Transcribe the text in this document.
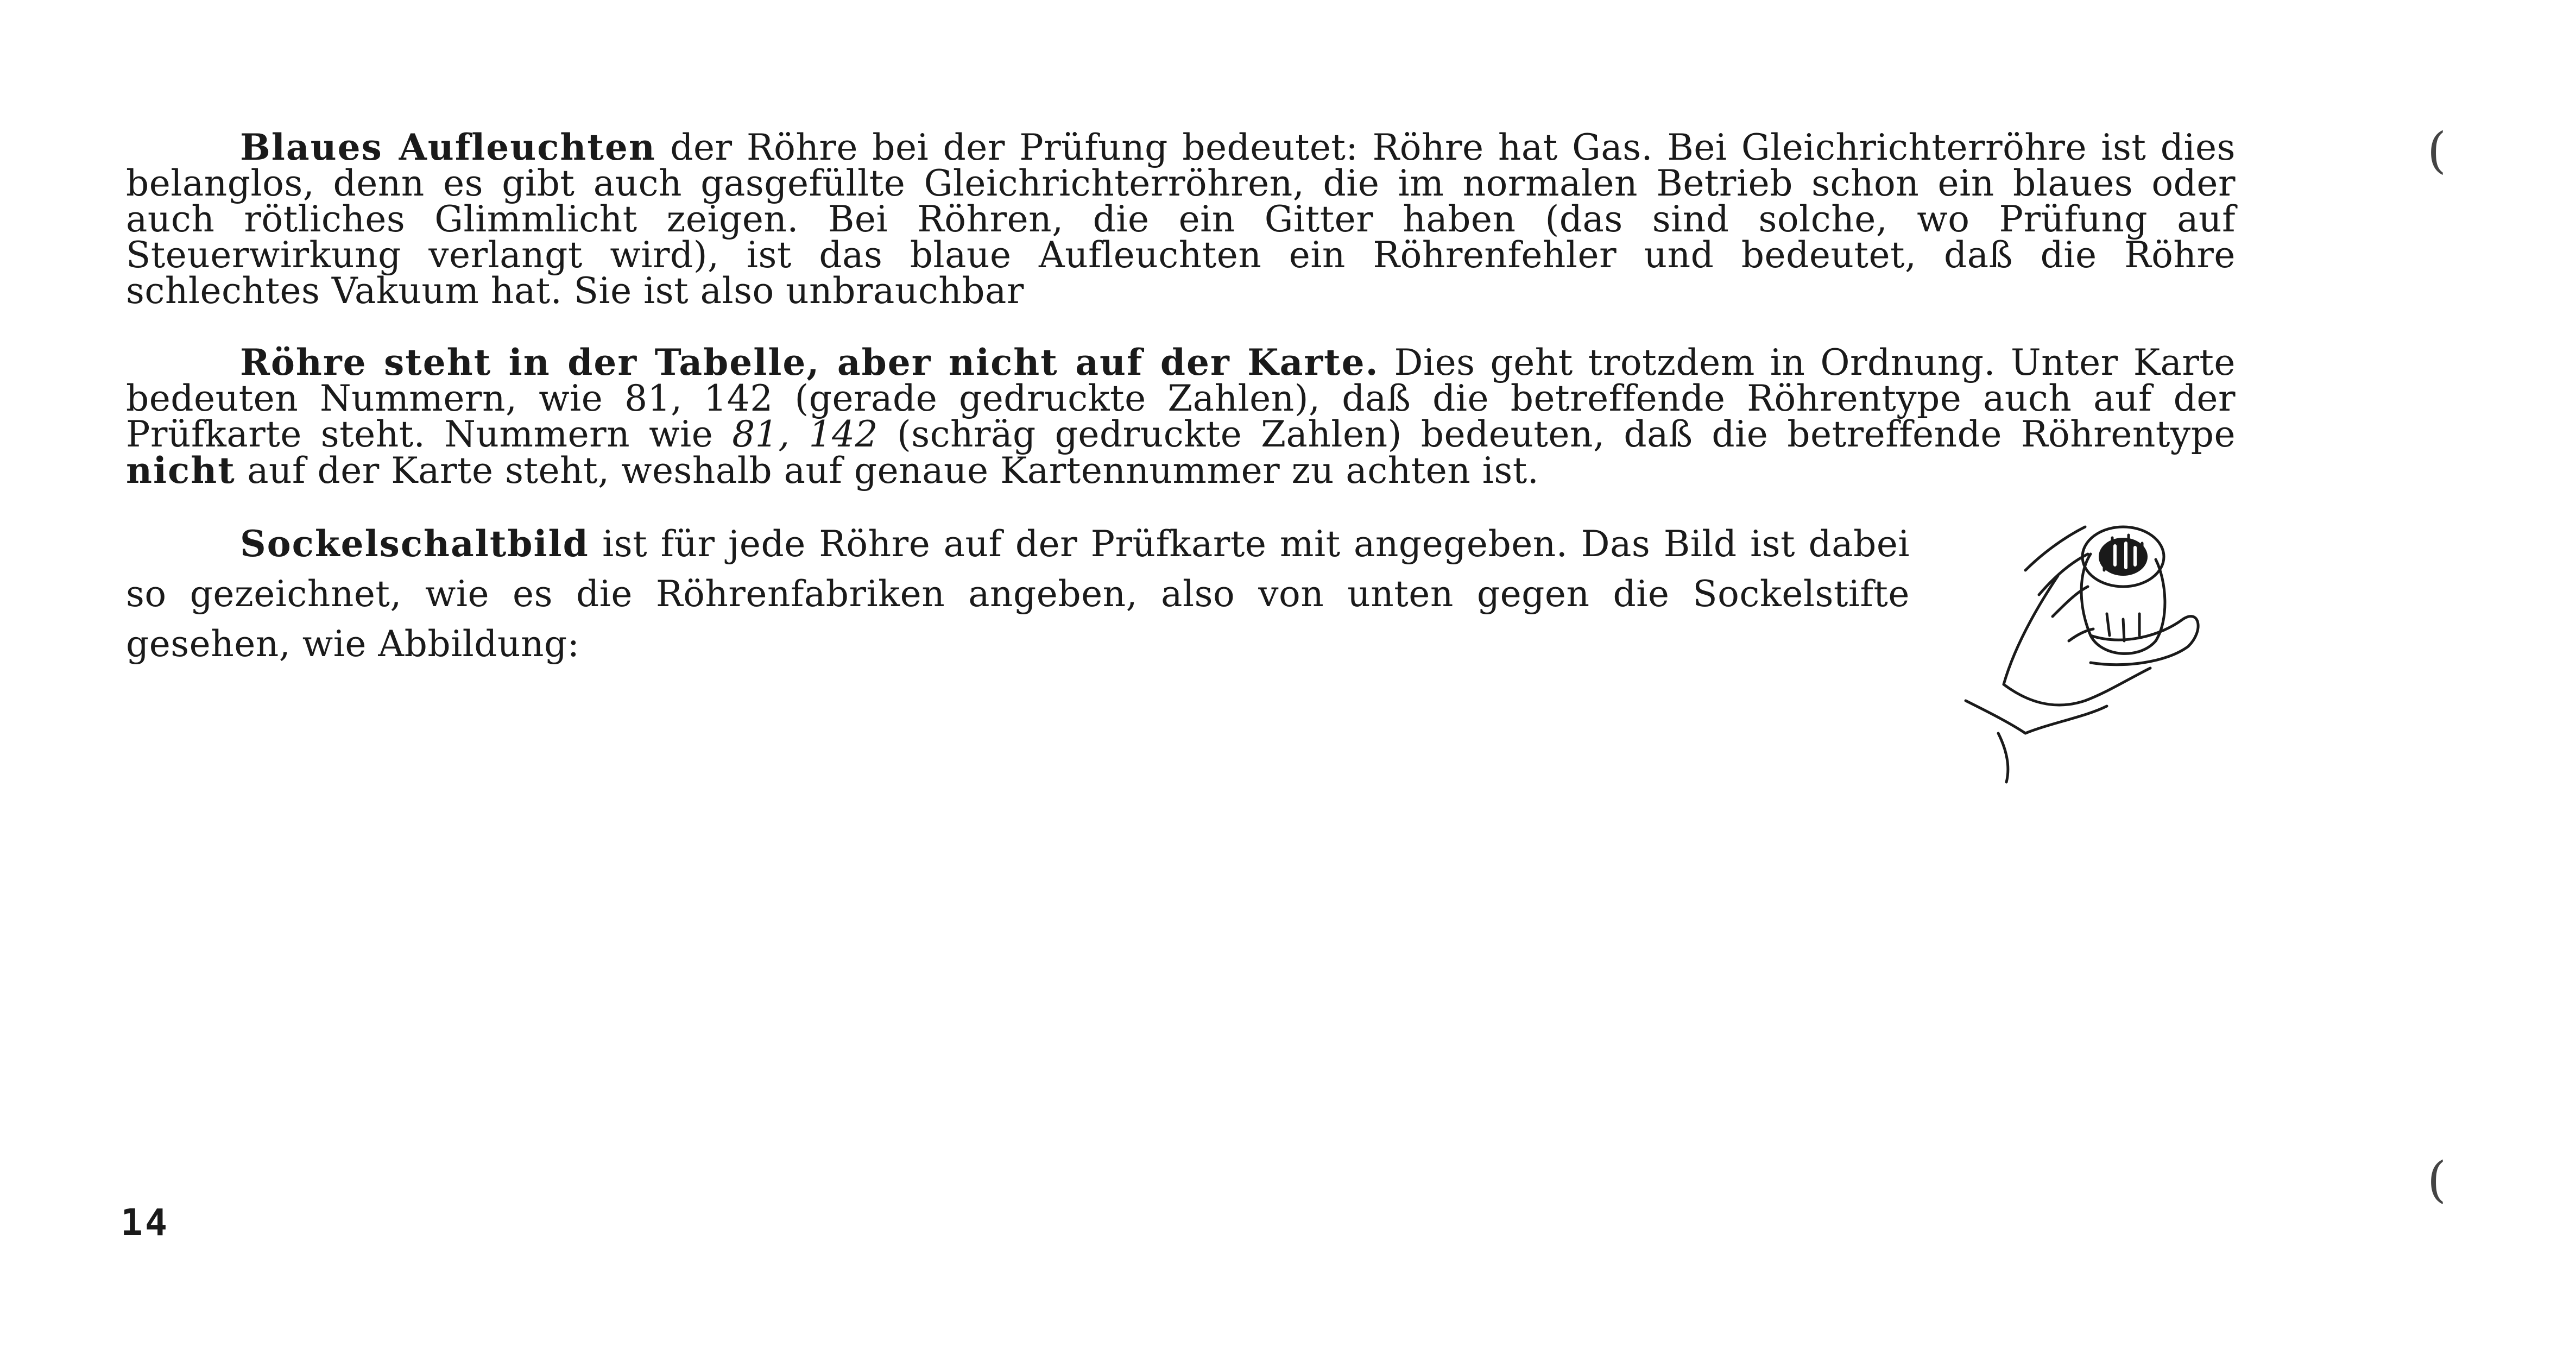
Blaues Aufleuchten der Röhre bei der Prüfung bedeutet: Röhre hat Gas. Bei Gleichrichterröhre ist dies belanglos, denn es gibt auch gasgefüllte Gleichrichterröhren, die im normalen Betrieb schon ein blaues oder auch rötliches Glimmlicht zeigen. Bei Röhren, die ein Gitter haben (das sind solche, wo Prüfung auf Steuerwirkung verlangt wird), ist das blaue Aufleuchten ein Röhrenfehler und bedeutet, daß die Röhre schlechtes Vakuum hat. Sie ist also unbrauchbar

Röhre steht in der Tabelle, aber nicht auf der Karte. Dies geht trotzdem in Ordnung. Unter Karte bedeuten Nummern, wie 81, 142 (gerade gedruckte Zahlen), daß die betreffende Röhrentype auch auf der Prüfkarte steht. Nummern wie 81, 142 (schräg gedruckte Zahlen) bedeuten, daß die betreffende Röhrentype nicht auf der Karte steht, weshalb auf genaue Kartennummer zu achten ist.

Sockelschaltbild ist für jede Röhre auf der Prüfkarte mit angegeben. Das Bild ist dabei so gezeichnet, wie es die Röhrenfabriken angeben, also von unten gegen die Sockelstifte gesehen, wie Abbildung:

(
(
14
